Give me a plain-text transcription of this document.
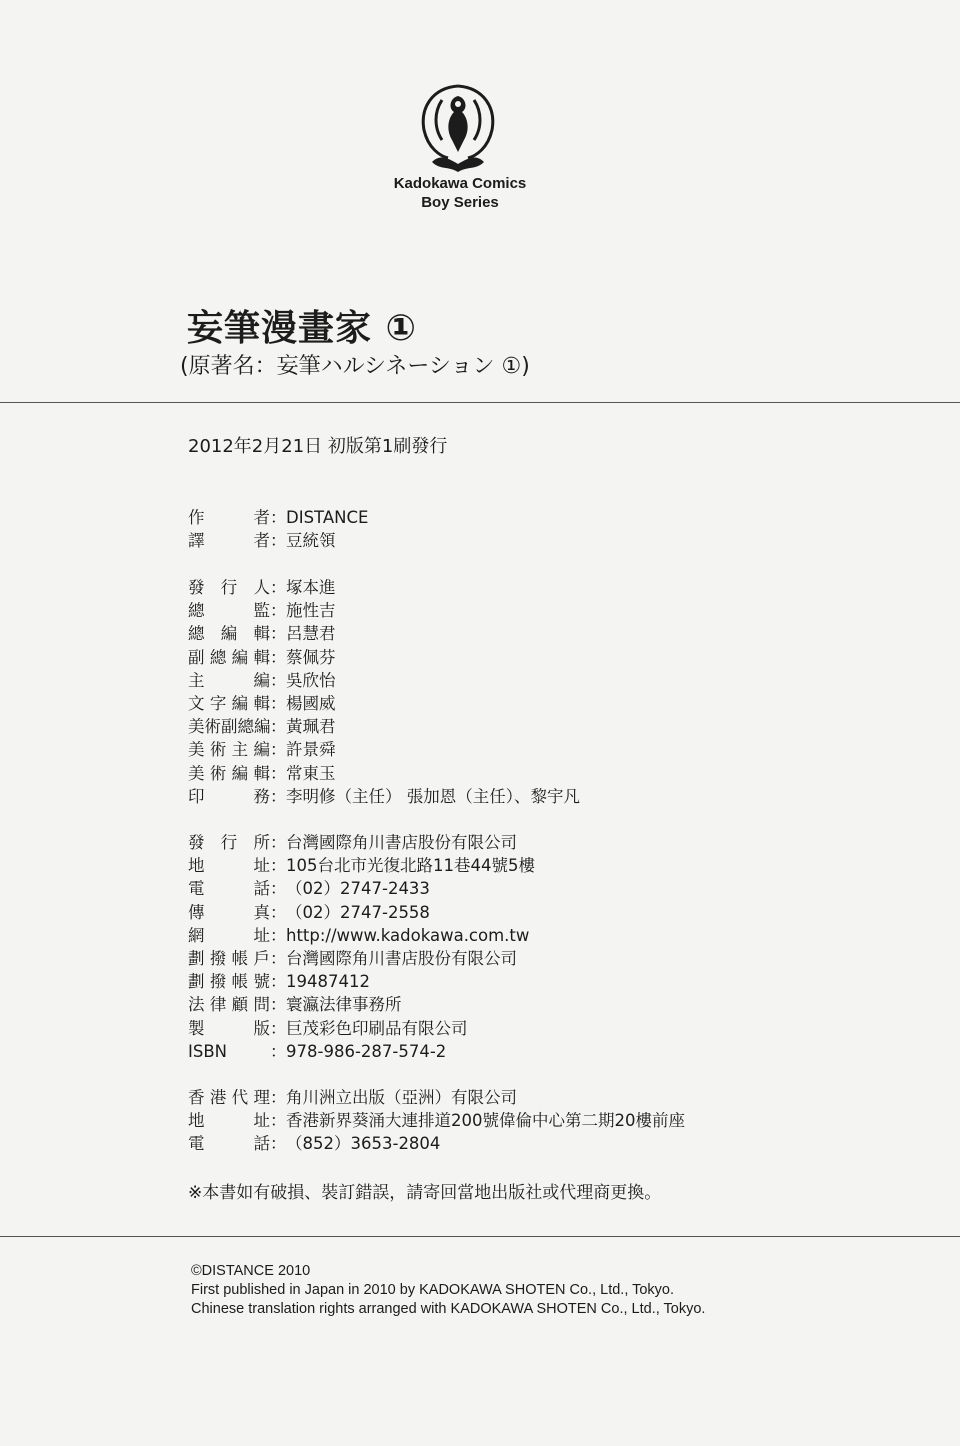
Kadokawa Comics
Boy Series
妄筆漫畫家 ①
(原著名：妄筆ハルシネーション ①)
2012年2月21日 初版第1刷發行
作者 ： DISTANCE
譯者 ： 豆統領
發行人 ： 塚本進
總監 ： 施性吉
總編輯 ： 呂慧君
副總編輯 ： 蔡佩芬
主編 ： 吳欣怡
文字編輯 ： 楊國威
美術副總編 ： 黃珮君
美術主編 ： 許景舜
美術編輯 ： 常東玉
印務 ： 李明修（主任） 張加恩（主任）、黎宇凡
發行所 ： 台灣國際角川書店股份有限公司
地址 ： 105台北市光復北路11巷44號5樓
電話 ： （02）2747-2433
傳真 ： （02）2747-2558
網址 ： http://www.kadokawa.com.tw
劃撥帳戶 ： 台灣國際角川書店股份有限公司
劃撥帳號 ： 19487412
法律顧問 ： 寰瀛法律事務所
製版 ： 巨茂彩色印刷品有限公司
ISBN	： 978-986-287-574-2
香港代理 ： 角川洲立出版（亞洲）有限公司
地址 ： 香港新界葵涌大連排道200號偉倫中心第二期20樓前座
電話 ： （852）3653-2804
※本書如有破損、裝訂錯誤，請寄回當地出版社或代理商更換。
©DISTANCE 2010
First published in Japan in 2010 by KADOKAWA SHOTEN Co., Ltd., Tokyo.
Chinese translation rights arranged with KADOKAWA SHOTEN Co., Ltd., Tokyo.
